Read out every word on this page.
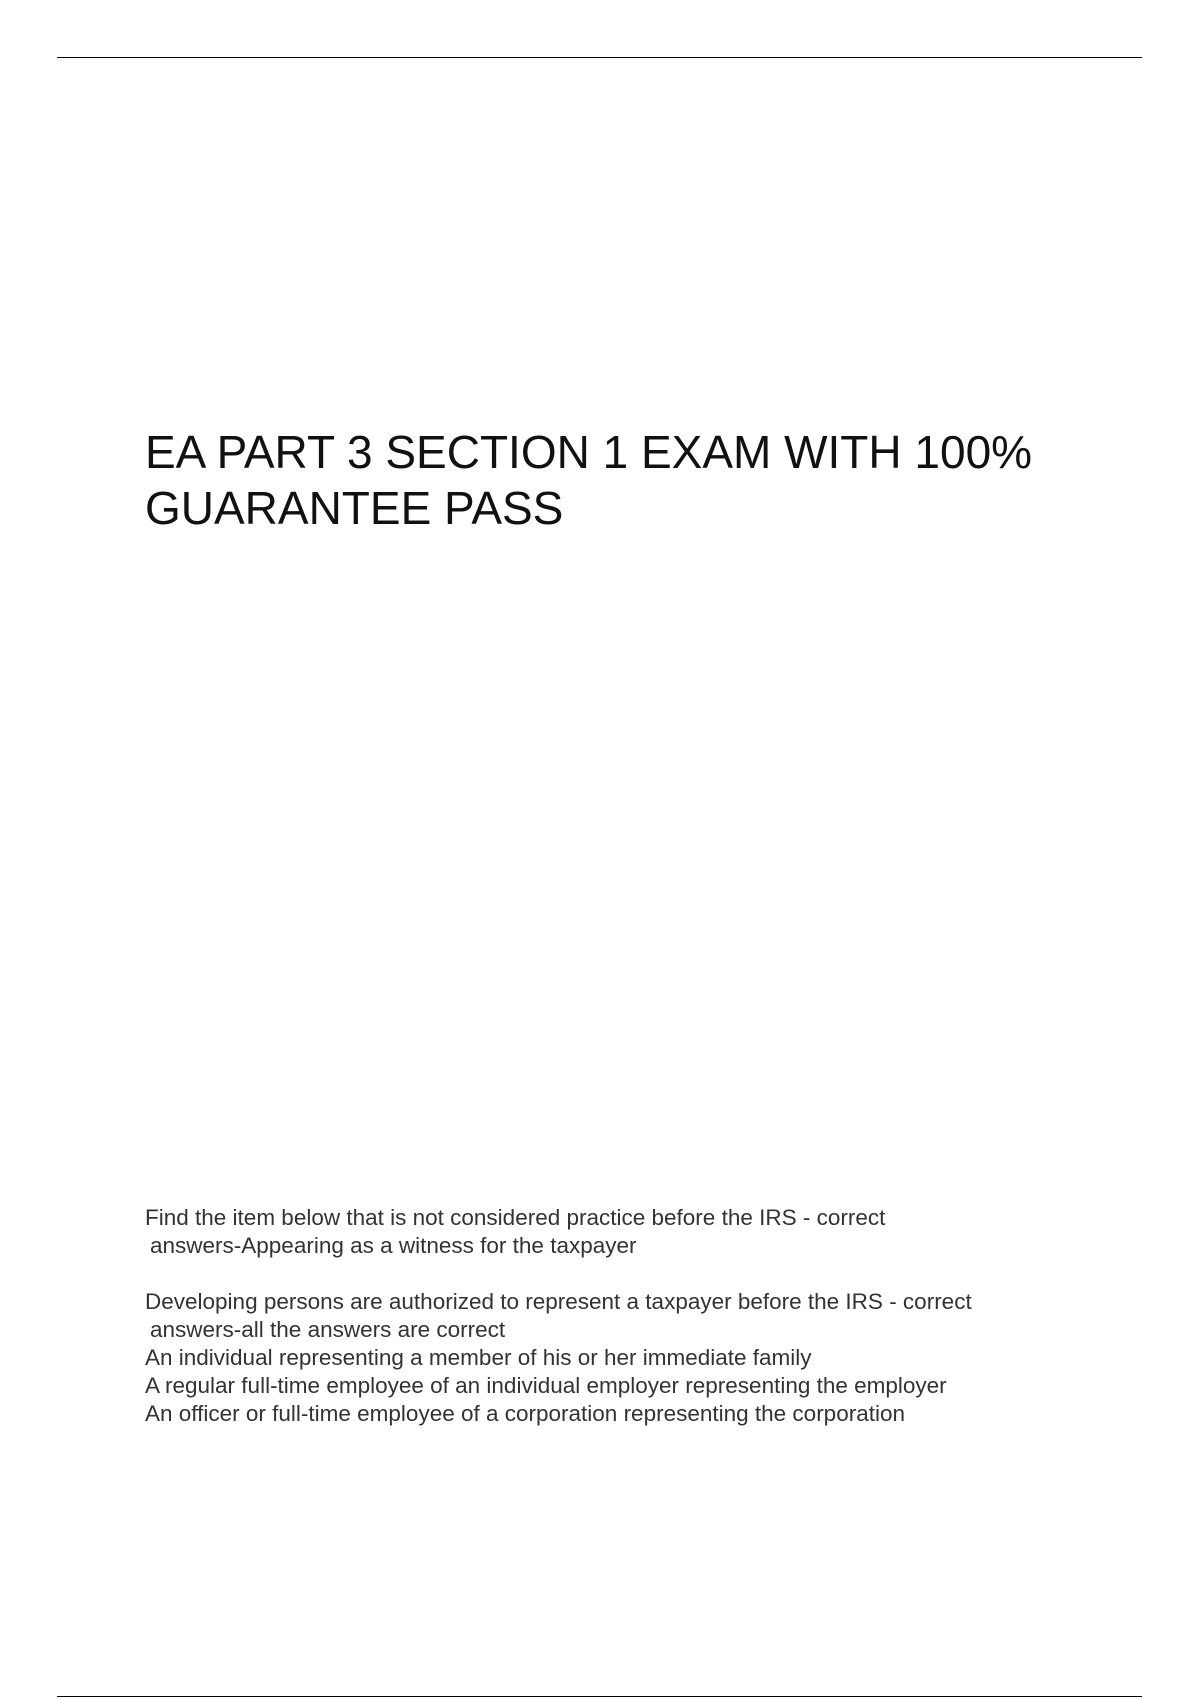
EA PART 3 SECTION 1 EXAM WITH 100%
GUARANTEE PASS
Find the item below that is not considered practice before the IRS - correct
answers-Appearing as a witness for the taxpayer
Developing persons are authorized to represent a taxpayer before the IRS - correct
answers-all the answers are correct
An individual representing a member of his or her immediate family
A regular full-time employee of an individual employer representing the employer
An officer or full-time employee of a corporation representing the corporation
